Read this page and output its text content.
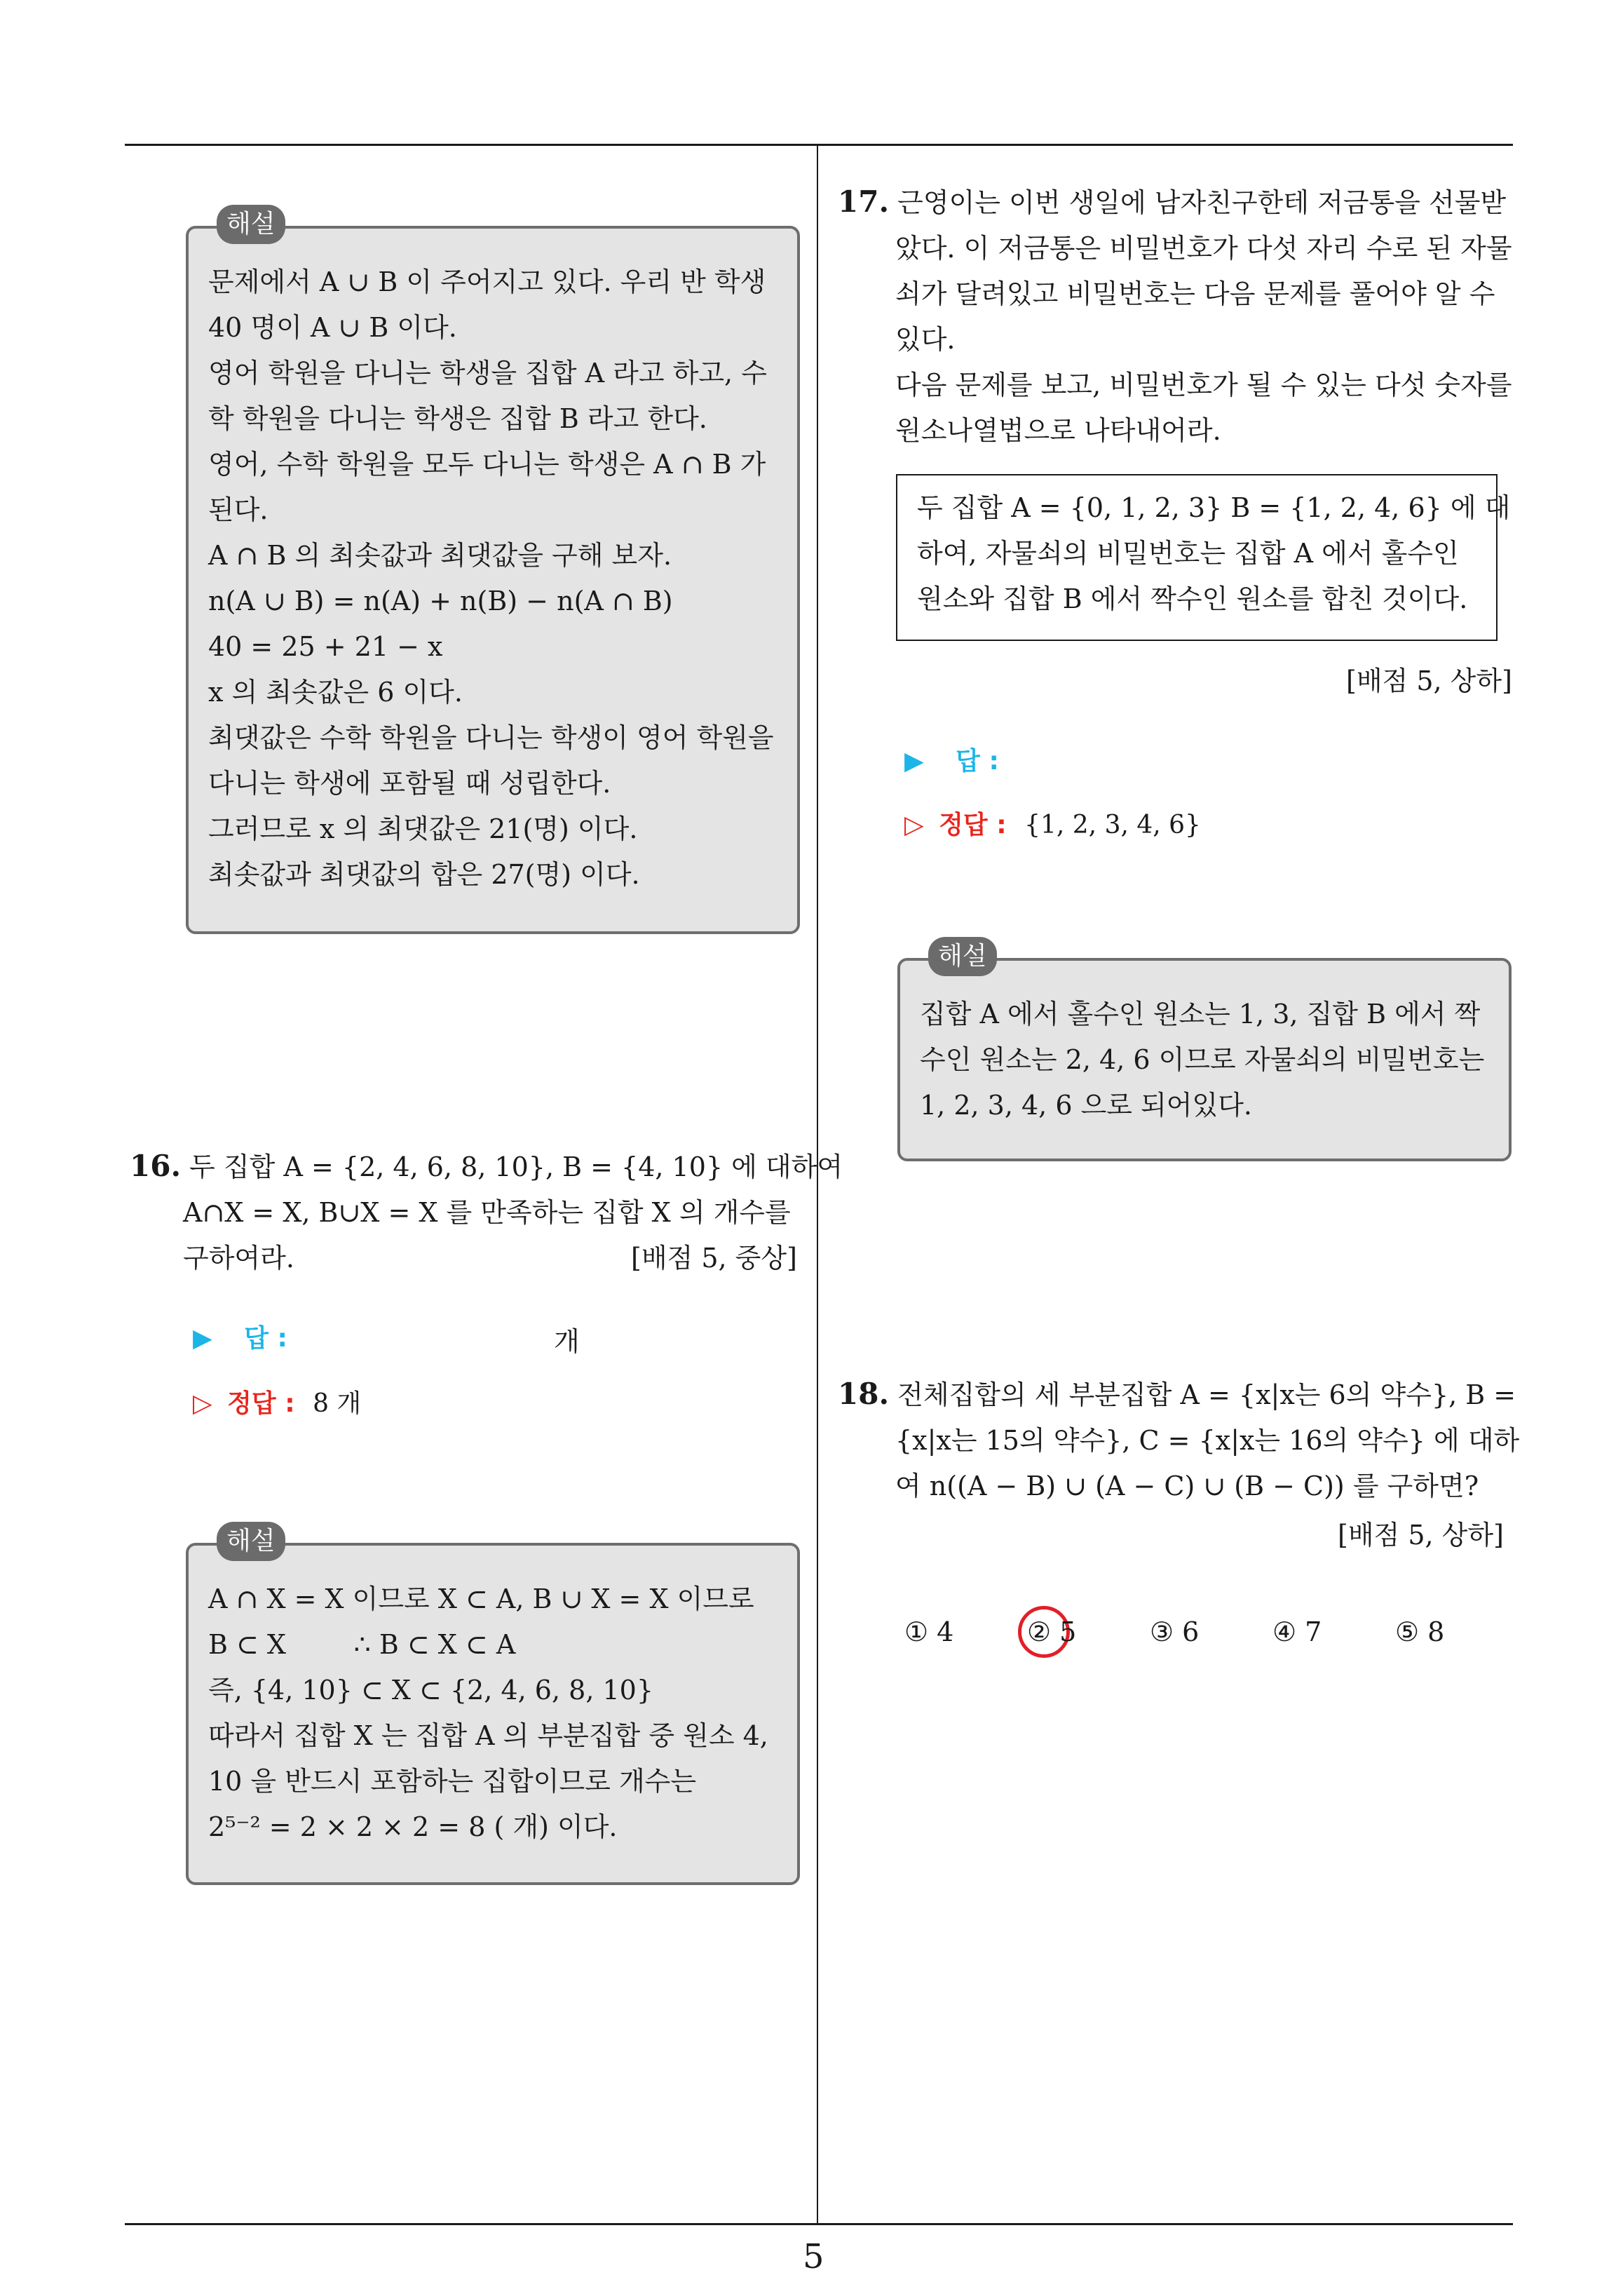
해설
문제에서 A ∪ B 이 주어지고 있다. 우리 반 학생
40 명이 A ∪ B 이다.
영어 학원을 다니는 학생을 집합 A 라고 하고, 수
학 학원을 다니는 학생은 집합 B 라고 한다.
영어, 수학 학원을 모두 다니는 학생은 A ∩ B 가
된다.
A ∩ B 의 최솟값과 최댓값을 구해 보자.
n(A ∪ B) = n(A) + n(B) − n(A ∩ B)
40 = 25 + 21 − x
x 의 최솟값은 6 이다.
최댓값은 수학 학원을 다니는 학생이 영어 학원을
다니는 학생에 포함될 때 성립한다.
그러므로 x 의 최댓값은 21(명) 이다.
최솟값과 최댓값의 합은 27(명) 이다.
16. 두 집합 A = {2, 4, 6, 8, 10}, B = {4, 10} 에 대하여
A∩X = X, B∪X = X 를 만족하는 집합 X 의 개수를
구하여라.	[배점 5, 중상]
▶ 답 :	개
▷ 정답 : 8 개
해설
A ∩ X = X 이므로 X ⊂ A, B ∪ X = X 이므로
B ⊂ X        ∴ B ⊂ X ⊂ A
즉, {4, 10} ⊂ X ⊂ {2, 4, 6, 8, 10}
따라서 집합 X 는 집합 A 의 부분집합 중 원소 4,
10 을 반드시 포함하는 집합이므로 개수는
2⁵⁻² = 2 × 2 × 2 = 8 ( 개) 이다.
17. 근영이는 이번 생일에 남자친구한테 저금통을 선물받
았다. 이 저금통은 비밀번호가 다섯 자리 수로 된 자물
쇠가 달려있고 비밀번호는 다음 문제를 풀어야 알 수
있다.
다음 문제를 보고, 비밀번호가 될 수 있는 다섯 숫자를
원소나열법으로 나타내어라.
두 집합 A = {0, 1, 2, 3} B = {1, 2, 4, 6} 에 대
하여, 자물쇠의 비밀번호는 집합 A 에서 홀수인
원소와 집합 B 에서 짝수인 원소를 합친 것이다.
[배점 5, 상하]
▶ 답 :
▷ 정답 : {1, 2, 3, 4, 6}
해설
집합 A 에서 홀수인 원소는 1, 3, 집합 B 에서 짝
수인 원소는 2, 4, 6 이므로 자물쇠의 비밀번호는
1, 2, 3, 4, 6 으로 되어있다.
18. 전체집합의 세 부분집합 A = {x|x는 6의 약수}, B =
{x|x는 15의 약수}, C = {x|x는 16의 약수} 에 대하
여 n((A − B) ∪ (A − C) ∪ (B − C)) 를 구하면?
[배점 5, 상하]
① 4	② 5	③ 6	④ 7	⑤ 8
5
